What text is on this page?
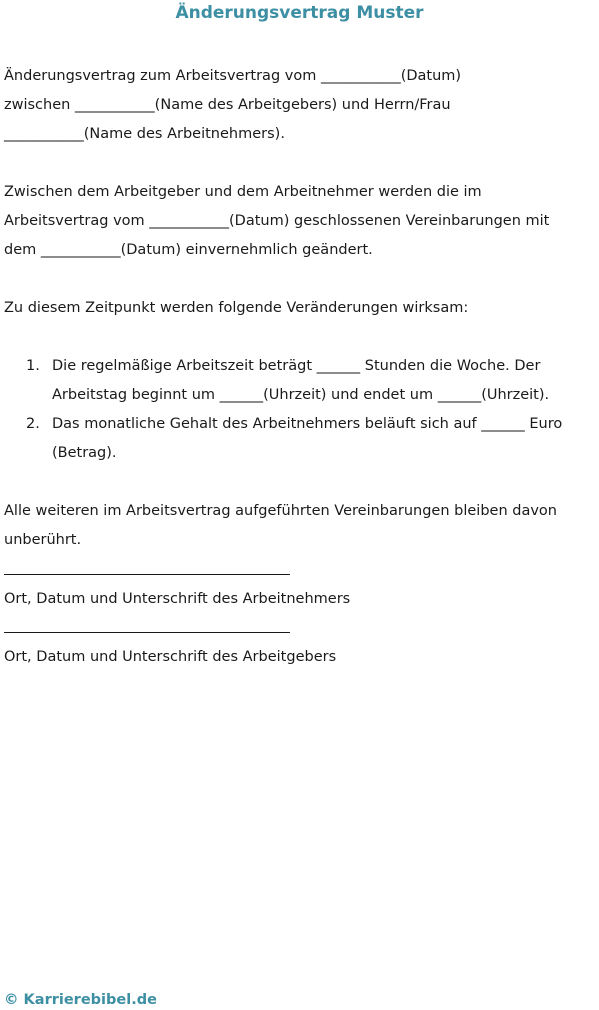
Änderungsvertrag Muster

Änderungsvertrag zum Arbeitsvertrag vom ___________(Datum)

zwischen ___________(Name des Arbeitgebers) und Herrn/Frau

___________(Name des Arbeitnehmers).

Zwischen dem Arbeitgeber und dem Arbeitnehmer werden die im

Arbeitsvertrag vom ___________(Datum) geschlossenen Vereinbarungen mit

dem ___________(Datum) einvernehmlich geändert.

Zu diesem Zeitpunkt werden folgende Veränderungen wirksam:

1. Die regelmäßige Arbeitszeit beträgt ______ Stunden die Woche. Der

Arbeitstag beginnt um ______(Uhrzeit) und endet um ______(Uhrzeit).

2. Das monatliche Gehalt des Arbeitnehmers beläuft sich auf ______ Euro

(Betrag).

Alle weiteren im Arbeitsvertrag aufgeführten Vereinbarungen bleiben davon

unberührt.

Ort, Datum und Unterschrift des Arbeitnehmers

Ort, Datum und Unterschrift des Arbeitgebers

© Karrierebibel.de
